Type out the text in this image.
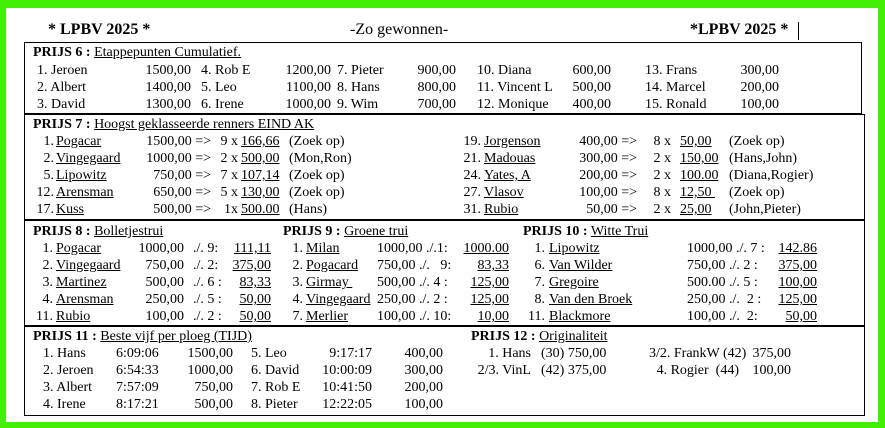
* LPBV 2025 *	-Zo gewonnen-	*LPBV 2025 *
PRIJS 6 : Etappepunten Cumulatief.
1. Jeroen	1500,00 4. Rob E	1200,00 7. Pieter	900,00 10. Diana	600,00 13. Frans	300,00
2. Albert	1400,00 5. Leo	1100,00 8. Hans	800,00 11. Vincent L	500,00 14. Marcel	200,00
3. David	1300,00 6. Irene	1000,00 9. Wim	700,00 12. Monique	400,00 15. Ronald	100,00
PRIJS 7 : Hoogst geklasseerde renners EIND AK
1. Pogacar	1500,00 => 9 x 166,66 (Zoek op)
2. Vingegaard	1000,00 => 2 x 500,00 (Mon,Ron)
5. Lipowitz	750,00 => 7 x 107,14 (Zoek op)
12. Arensman	650,00 => 5 x 130,00 (Zoek op)
17. Kuss	500,00 => 1x 500.00 (Hans)
19. Jorgenson	400,00 =>	8 x 50,00 (Zoek op)
21. Madouas	300,00 =>	2 x 150,00 (Hans,John)
24. Yates, A	200,00 =>	2 x 100.00 (Diana,Rogier)
27. Vlasov	100,00 =>	8 x 12,50 (Zoek op)
31. Rubio	50,00 =>	2 x 25,00 (John,Pieter)
PRIJS 8 : Bolletjestrui	PRIJS 9 : Groene trui	PRIJS 10 : Witte Trui
1. Pogacar	1000,00 ./. 9:	111,11
2. Vingegaard	750,00 ./. 2:	375,00
3. Martinez	500,00 ./. 6 :	83,33
4. Arensman	250,00 ./. 5 :	50,00
11. Rubio	100,00 ./. 2 :	50,00
1. Milan	1000,00 ./.1:	1000.00
2. Pogacard 750,00 ./.   9:	83,33
3. Girmay 500,00 ./. 4 :	125,00
4. Vingegaard 250,00 ./. 2 :	125,00
7. Merlier 100,00 ./. 10:	10,00
1. Lipowitz	1000,00 ./. 7 : 142.86
6. Van Wilder	750,00 ./. 2 :	375,00
7. Gregoire	500.00 ./. 5 :	100,00
8. Van den Broek	250,00 ./.  2 :	125,00
11. Blackmore	100,00 ./.  2:	50,00
PRIJS 11 : Beste vijf per ploeg (TIJD)	PRIJS 12 : Originaliteit
1. Hans 6:09:06	1500,00
2. Jeroen 6:54:33	1000,00
3. Albert 7:57:09	750,00
4. Irene 8:17:21	500,00
5. Leo	9:17:17	400,00
6. David	10:00:09	300,00
7. Rob E	10:41:50	200,00
8. Pieter	12:22:05	100,00
1. Hans (30) 750,00	3/2. FrankW (42) 375,00
2/3. VinL (42) 375,00	4. Rogier  (44) 100,00
